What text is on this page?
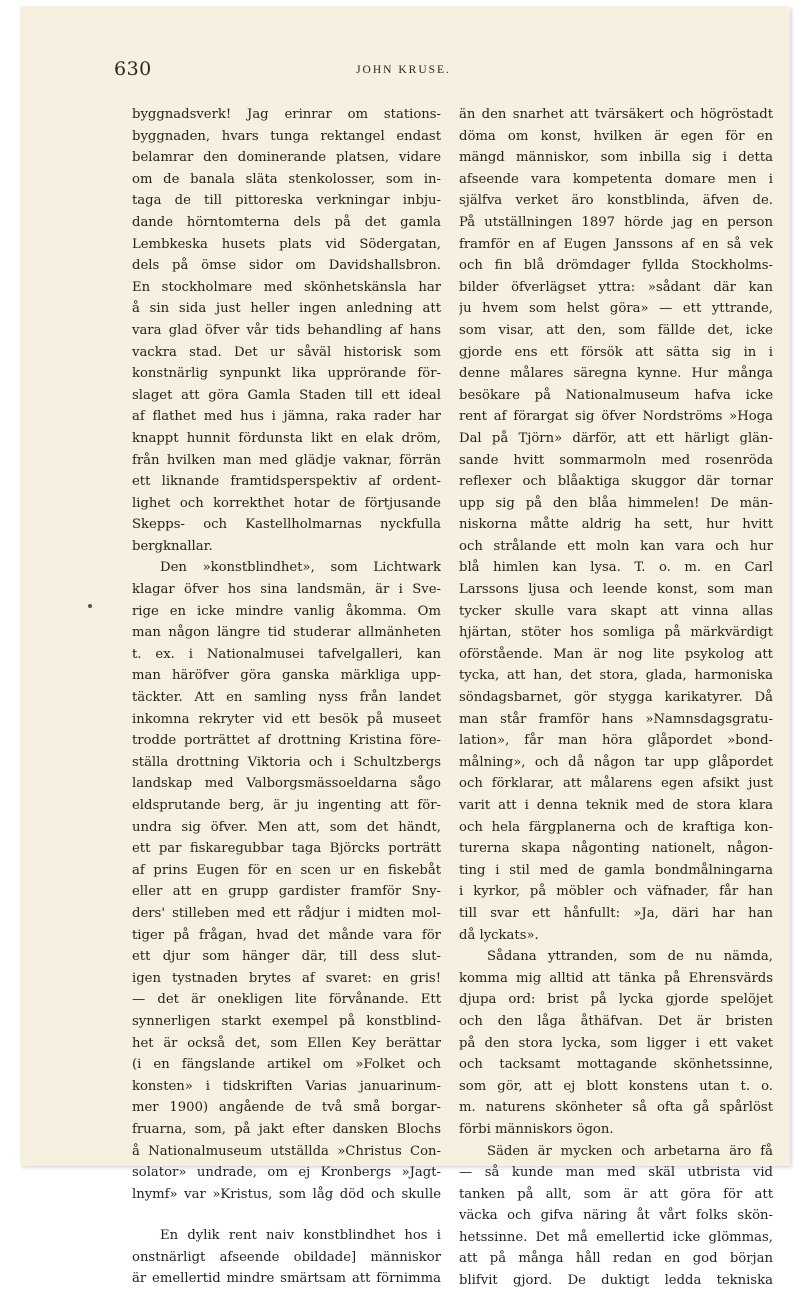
630	JOHN KRUSE.
byggnadsverk! Jag erinrar om stations-
byggnaden, hvars tunga rektangel endast
belamrar den dominerande platsen, vidare
om de banala släta stenkolosser, som in-
taga de till pittoreska verkningar inbju-
dande hörntomterna dels på det gamla
Lembkeska husets plats vid Södergatan,
dels på ömse sidor om Davidshallsbron.
En stockholmare med skönhetskänsla har
å sin sida just heller ingen anledning att
vara glad öfver vår tids behandling af hans
vackra stad. Det ur såväl historisk som
konstnärlig synpunkt lika upprörande för-
slaget att göra Gamla Staden till ett ideal
af flathet med hus i jämna, raka rader har
knappt hunnit fördunsta likt en elak dröm,
från hvilken man med glädje vaknar, förrän
ett liknande framtidsperspektiv af ordent-
lighet och korrekthet hotar de förtjusande
Skepps- och Kastellholmarnas nyckfulla
bergknallar.
Den »konstblindhet», som Lichtwark
klagar öfver hos sina landsmän, är i Sve-
rige en icke mindre vanlig åkomma. Om
man någon längre tid studerar allmänheten
t. ex. i Nationalmusei tafvelgalleri, kan
man häröfver göra ganska märkliga upp-
täckter. Att en samling nyss från landet
inkomna rekryter vid ett besök på museet
trodde porträttet af drottning Kristina före-
ställa drottning Viktoria och i Schultzbergs
landskap med Valborgsmässoeldarna sågo
eldsprutande berg, är ju ingenting att för-
undra sig öfver. Men att, som det händt,
ett par fiskaregubbar taga Björcks porträtt
af prins Eugen för en scen ur en fiskebåt
eller att en grupp gardister framför Sny-
ders' stilleben med ett rådjur i midten mol-
tiger på frågan, hvad det månde vara för
ett djur som hänger där, till dess slut-
igen tystnaden brytes af svaret: en gris!
— det är onekligen lite förvånande. Ett
synnerligen starkt exempel på konstblind-
het är också det, som Ellen Key berättar
(i en fängslande artikel om »Folket och
konsten» i tidskriften Varias januarinum-
mer 1900) angående de två små borgar-
fruarna, som, på jakt efter dansken Blochs
å Nationalmuseum utställda »Christus Con-
solator» undrade, om ej Kronbergs »Jagt-
lnymf» var »Kristus, som låg död och skulle
En dylik rent naiv konstblindhet hos i
onstnärligt afseende obildade] människor
är emellertid mindre smärtsam att förnimma
än den snarhet att tvärsäkert och högröstadt
döma om konst, hvilken är egen för en
mängd människor, som inbilla sig i detta
afseende vara kompetenta domare men i
själfva verket äro konstblinda, äfven de.
På utställningen 1897 hörde jag en person
framför en af Eugen Janssons af en så vek
och fin blå drömdager fyllda Stockholms-
bilder öfverlägset yttra: »sådant där kan
ju hvem som helst göra» — ett yttrande,
som visar, att den, som fällde det, icke
gjorde ens ett försök att sätta sig in i
denne målares säregna kynne. Hur många
besökare på Nationalmuseum hafva icke
rent af förargat sig öfver Nordströms »Hoga
Dal på Tjörn» därför, att ett härligt glän-
sande hvitt sommarmoln med rosenröda
reflexer och blåaktiga skuggor där tornar
upp sig på den blåa himmelen! De män-
niskorna måtte aldrig ha sett, hur hvitt
och strålande ett moln kan vara och hur
blå himlen kan lysa. T. o. m. en Carl
Larssons ljusa och leende konst, som man
tycker skulle vara skapt att vinna allas
hjärtan, stöter hos somliga på märkvärdigt
oförstående. Man är nog lite psykolog att
tycka, att han, det stora, glada, harmoniska
söndagsbarnet, gör stygga karikatyrer. Då
man står framför hans »Namnsdagsgratu-
lation», får man höra glåpordet »bond-
målning», och då någon tar upp glåpordet
och förklarar, att målarens egen afsikt just
varit att i denna teknik med de stora klara
och hela färgplanerna och de kraftiga kon-
turerna skapa någonting nationelt, någon-
ting i stil med de gamla bondmålningarna
i kyrkor, på möbler och väfnader, får han
till svar ett hånfullt: »Ja, däri har han
då lyckats».
Sådana yttranden, som de nu nämda,
komma mig alltid att tänka på Ehrensvärds
djupa ord: brist på lycka gjorde spelöjet
och den låga åthäfvan. Det är bristen
på den stora lycka, som ligger i ett vaket
och tacksamt mottagande skönhetssinne,
som gör, att ej blott konstens utan t. o.
m. naturens skönheter så ofta gå spårlöst
förbi människors ögon.
Säden är mycken och arbetarna äro få
— så kunde man med skäl utbrista vid
tanken på allt, som är att göra för att
väcka och gifva näring åt vårt folks skön-
hetssinne. Det må emellertid icke glömmas,
att på många håll redan en god början
blifvit gjord. De duktigt ledda tekniska
